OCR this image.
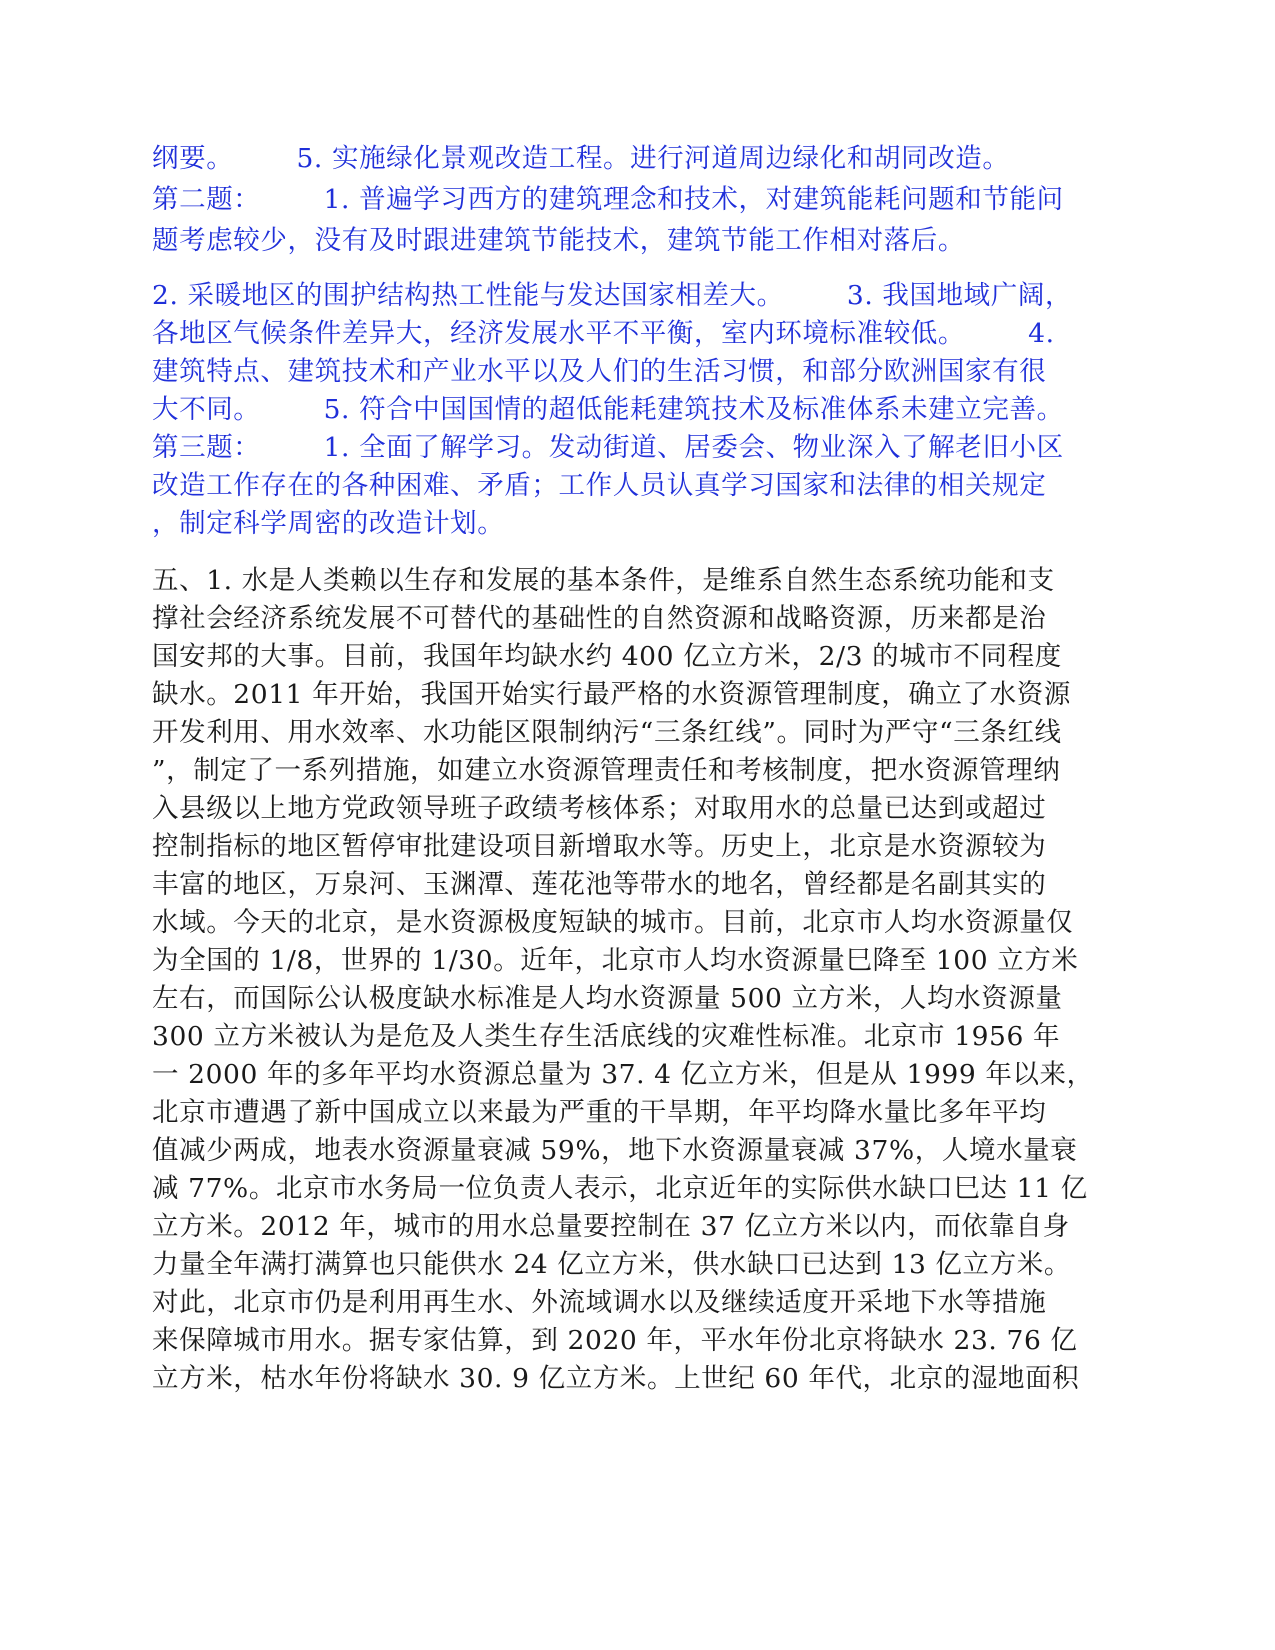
纲要。       5. 实施绿化景观改造工程。进行河道周边绿化和胡同改造。
第二题：       1. 普遍学习西方的建筑理念和技术，对建筑能耗问题和节能问
题考虑较少，没有及时跟进建筑节能技术，建筑节能工作相对落后。
2. 采暖地区的围护结构热工性能与发达国家相差大。       3. 我国地域广阔，
各地区气候条件差异大，经济发展水平不平衡，室内环境标准较低。       4.
建筑特点、建筑技术和产业水平以及人们的生活习惯，和部分欧洲国家有很
大不同。       5. 符合中国国情的超低能耗建筑技术及标准体系未建立完善。
第三题：       1. 全面了解学习。发动街道、居委会、物业深入了解老旧小区
改造工作存在的各种困难、矛盾；工作人员认真学习国家和法律的相关规定
，制定科学周密的改造计划。
五、1. 水是人类赖以生存和发展的基本条件，是维系自然生态系统功能和支
撑社会经济系统发展不可替代的基础性的自然资源和战略资源，历来都是治
国安邦的大事。目前，我国年均缺水约 400 亿立方米，2/3 的城市不同程度
缺水。2011 年开始，我国开始实行最严格的水资源管理制度，确立了水资源
开发利用、用水效率、水功能区限制纳污“三条红线”。同时为严守“三条红线
”，制定了一系列措施，如建立水资源管理责任和考核制度，把水资源管理纳
入县级以上地方党政领导班子政绩考核体系；对取用水的总量已达到或超过
控制指标的地区暂停审批建设项目新增取水等。历史上，北京是水资源较为
丰富的地区，万泉河、玉渊潭、莲花池等带水的地名，曾经都是名副其实的
水域。今天的北京，是水资源极度短缺的城市。目前，北京市人均水资源量仅
为全国的 1/8，世界的 1/30。近年，北京市人均水资源量巳降至 100 立方米
左右，而国际公认极度缺水标准是人均水资源量 500 立方米，人均水资源量
300 立方米被认为是危及人类生存生活底线的灾难性标准。北京市 1956 年
一 2000 年的多年平均水资源总量为 37. 4 亿立方米，但是从 1999 年以来，
北京市遭遇了新中国成立以来最为严重的干旱期，年平均降水量比多年平均
值减少两成，地表水资源量衰减 59%，地下水资源量衰减 37%，人境水量衰
减 77%。北京市水务局一位负责人表示，北京近年的实际供水缺口巳达 11 亿
立方米。2012 年，城市的用水总量要控制在 37 亿立方米以内，而依靠自身
力量全年满打满算也只能供水 24 亿立方米，供水缺口已达到 13 亿立方米。
对此，北京市仍是利用再生水、外流域调水以及继续适度开采地下水等措施
来保障城市用水。据专家估算，到 2020 年，平水年份北京将缺水 23. 76 亿
立方米，枯水年份将缺水 30. 9 亿立方米。上世纪 60 年代，北京的湿地面积
